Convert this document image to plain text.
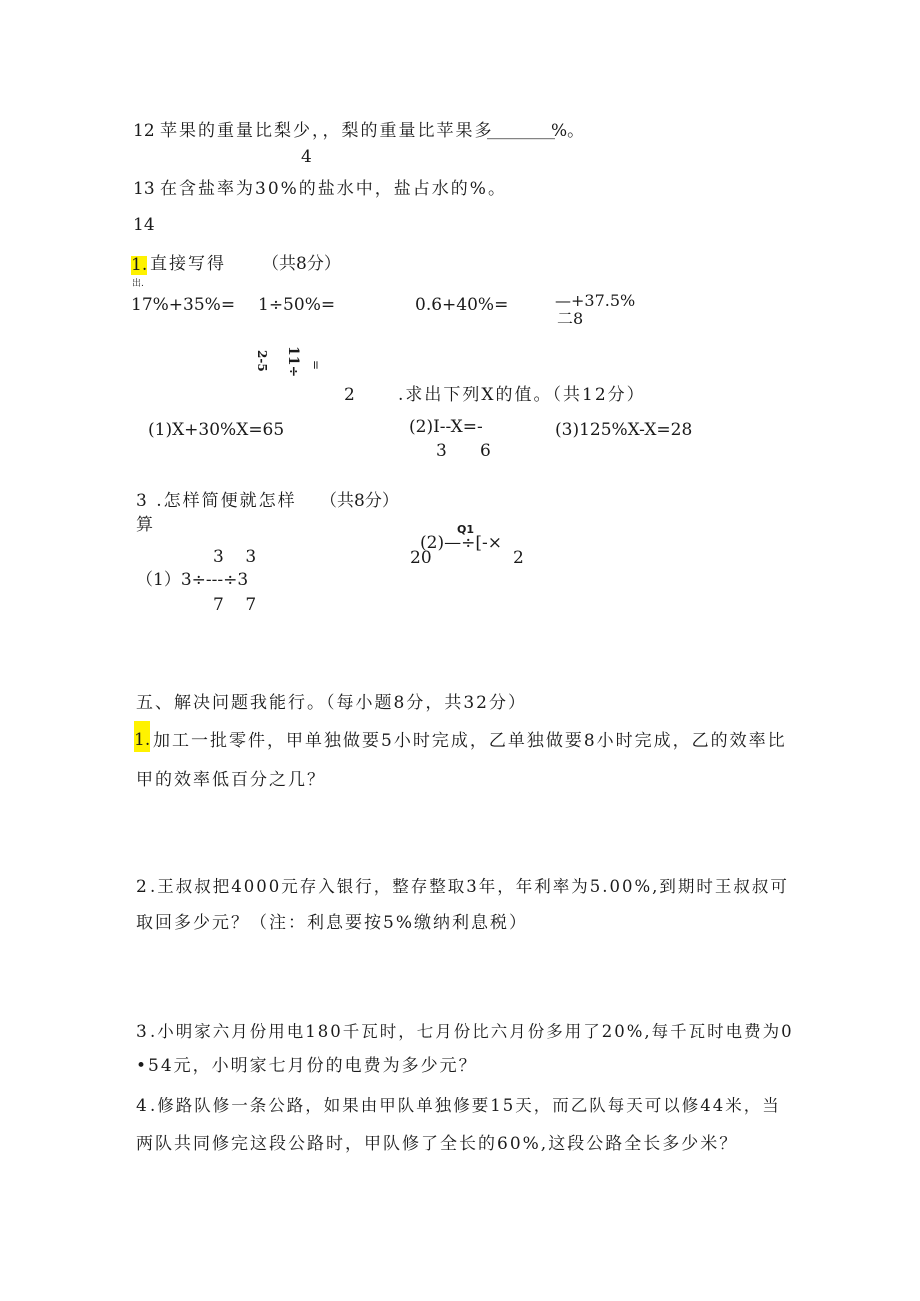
12 苹果的重量比梨少，，梨的重量比苹果多
________
%。
4
13 在含盐率为30%的盐水中，盐占水的%。
14
1. 直接写得 （共8分）
出.
17%+35%= 1÷50%=	0.6+40%=	—+37.5%
二8
2-5 11÷ =
2	.求出下列X的值。（共12分）
(1)X+30%X=65	(2)I--X=-
3 6
(3)125%X-X=28
3 .怎样简便就怎样 （共8分）
算
3    3
（1）3÷---÷3
7    7
Q1
(2)—÷[-×
20	2
五、解决问题我能行。（每小题8分，共32分）
1. 加工一批零件，甲单独做要5小时完成，乙单独做要8小时完成，乙的效率比
甲的效率低百分之几？
2 .王叔叔把4000元存入银行，整存整取3年，年利率为5.00%,到期时王叔叔可
取回多少元？（注：利息要按5%缴纳利息税）
3 .小明家六月份用电180千瓦时，七月份比六月份多用了20%,每千瓦时电费为0
•54元，小明家七月份的电费为多少元？
4 .修路队修一条公路，如果由甲队单独修要15天，而乙队每天可以修44米，当
两队共同修完这段公路时，甲队修了全长的60%,这段公路全长多少米？
